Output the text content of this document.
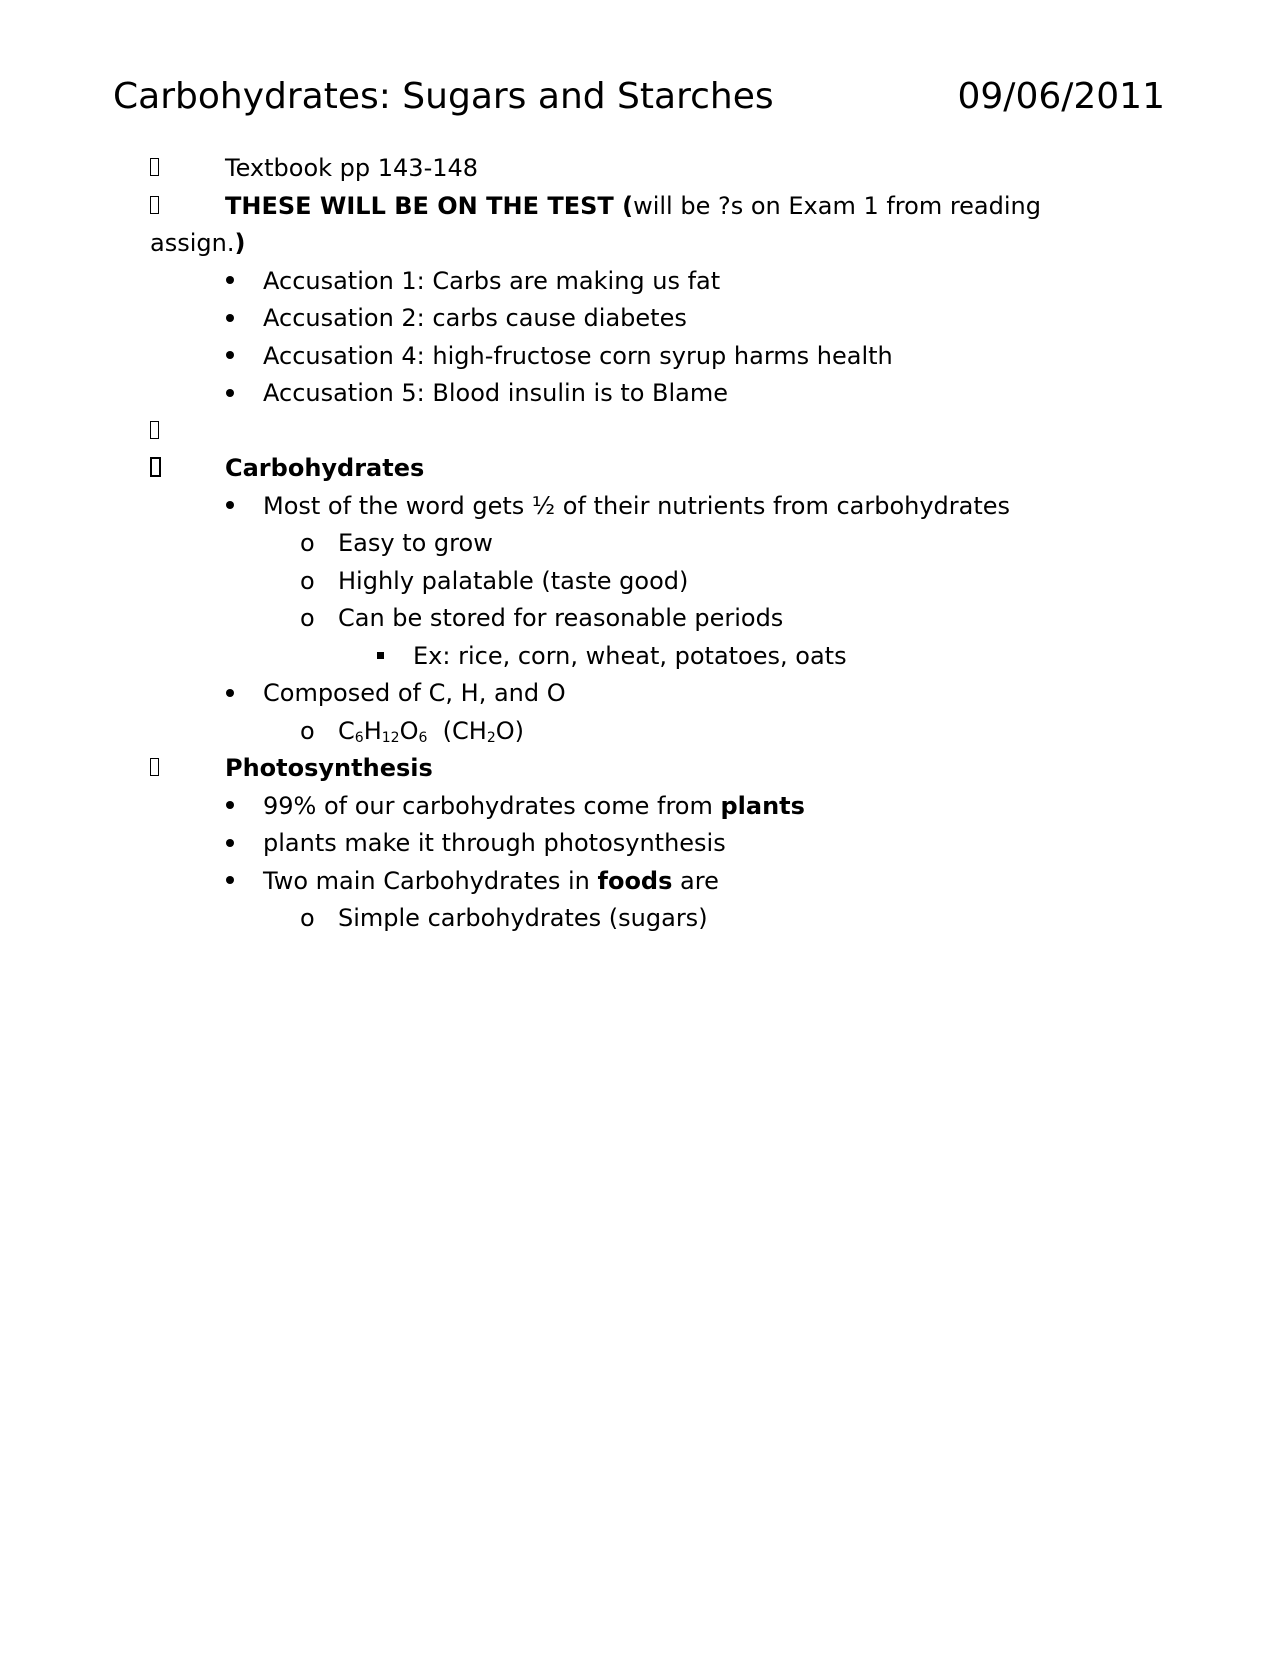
Carbohydrates: Sugars and Starches	09/06/2011
Textbook pp 143-148
THESE WILL BE ON THE TEST (will be ?s on Exam 1 from reading
assign.)
Accusation 1: Carbs are making us fat
Accusation 2: carbs cause diabetes
Accusation 4: high-fructose corn syrup harms health
Accusation 5: Blood insulin is to Blame
Carbohydrates
Most of the word gets ½ of their nutrients from carbohydrates
o Easy to grow
o Highly palatable (taste good)
o Can be stored for reasonable periods
Ex: rice, corn, wheat, potatoes, oats
Composed of C, H, and O
o $C_6H_{12}O_6$ $(CH_2O)$
Photosynthesis
99% of our carbohydrates come from plants
plants make it through photosynthesis
Two main Carbohydrates in foods are
o Simple carbohydrates (sugars)
